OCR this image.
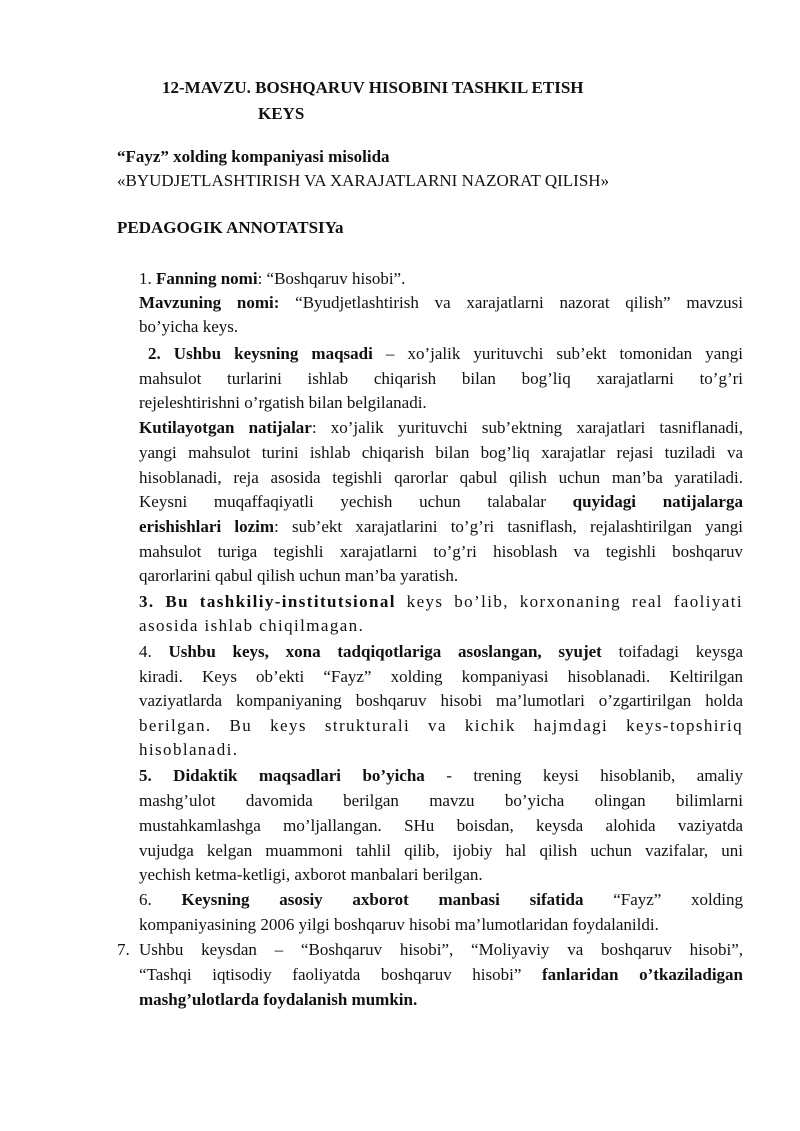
12-MAVZU. BOSHQARUV HISOBINI TASHKIL ETISH
KEYS
“Fayz” xolding kompaniyasi misolida
«BYUDJETLASHTIRISH VA XARAJATLARNI NAZORAT QILISH»
PEDAGOGIK ANNOTATSIYa
1. Fanning nomi: “Boshqaruv hisobi”.
Mavzuning nomi: “Byudjetlashtirish va xarajatlarni nazorat qilish” mavzusi
bo’yicha keys.
2. Ushbu keysning maqsadi – xo’jalik yurituvchi sub’ekt tomonidan yangi
mahsulot turlarini ishlab chiqarish bilan bog’liq xarajatlarni to’g’ri
rejeleshtirishni o’rgatish bilan belgilanadi.
Kutilayotgan natijalar: xo’jalik yurituvchi sub’ektning xarajatlari tasniflanadi,
yangi mahsulot turini ishlab chiqarish bilan bog’liq xarajatlar rejasi tuziladi va
hisoblanadi, reja asosida tegishli qarorlar qabul qilish uchun man’ba yaratiladi.
Keysni muqaffaqiyatli yechish uchun talabalar quyidagi natijalarga
erishishlari lozim: sub’ekt xarajatlarini to’g’ri tasniflash, rejalashtirilgan yangi
mahsulot turiga tegishli xarajatlarni to’g’ri hisoblash va tegishli boshqaruv
qarorlarini qabul qilish uchun man’ba yaratish.
3. Bu tashkiliy-institutsional keys bo’lib, korxonaning real faoliyati
asosida ishlab chiqilmagan.
4. Ushbu keys, xona tadqiqotlariga asoslangan, syujet toifadagi keysga
kiradi. Keys ob’ekti “Fayz” xolding kompaniyasi hisoblanadi. Keltirilgan
vaziyatlarda kompaniyaning boshqaruv hisobi ma’lumotlari o’zgartirilgan holda
berilgan. Bu keys strukturali va kichik hajmdagi keys-topshiriq
hisoblanadi.
5. Didaktik maqsadlari bo’yicha - trening keysi hisoblanib, amaliy
mashg’ulot davomida berilgan mavzu bo’yicha olingan bilimlarni
mustahkamlashga mo’ljallangan. SHu boisdan, keysda alohida vaziyatda
vujudga kelgan muammoni tahlil qilib, ijobiy hal qilish uchun vazifalar, uni
yechish ketma-ketligi, axborot manbalari berilgan.
6. Keysning asosiy axborot manbasi sifatida “Fayz” xolding
kompaniyasining 2006 yilgi boshqaruv hisobi ma’lumotlaridan foydalanildi.
7. Ushbu keysdan – “Boshqaruv hisobi”, “Moliyaviy va boshqaruv hisobi”,
“Tashqi iqtisodiy faoliyatda boshqaruv hisobi” fanlaridan o’tkaziladigan
mashg’ulotlarda foydalanish mumkin.
